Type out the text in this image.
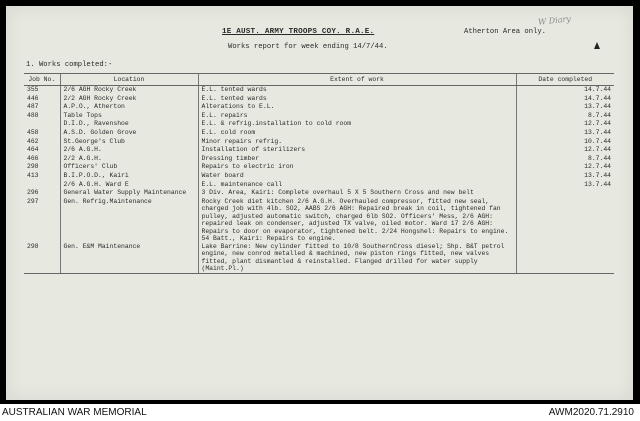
W Diary
1E AUST. ARMY TROOPS COY. R.A.E.	Atherton Area only.
Works report for week ending 14/7/44.
1. Works completed:-
Job No.	Location	Extent of work	Date completed
355	2/6 AGH Rocky Creek	E.L. tented wards	14.7.44
446	2/2 AGH Rocky Creek	E.L. tented wards	14.7.44
487	A.P.O., Atherton	Alterations to E.L.	13.7.44
488	Table Tops	E.L. repairs	8.7.44
	D.I.D., Ravenshoe	E.L. & refrig.installation to cold room	12.7.44
458	A.S.D. Golden Grove	E.L. cold room	13.7.44
462	St.George's Club	Minor repairs refrig.	10.7.44
464	2/6 A.G.H.	Installation of sterilizers	12.7.44
466	2/2 A.G.H.	Dressing timber	8.7.44
298	Officers' Club	Repairs to electric iron	12.7.44
413	B.I.P.O.D., Kairi	Water board	13.7.44
	2/6 A.G.H. Ward E	E.L. maintenance call	13.7.44
296	General Water Supply Maintenance	3 Div. Area, Kairi: Complete overhaul 5 X 5 Southern Cross and new belt	
297	Gen. Refrig.Maintenance	Rocky Creek diet kitchen 2/6 A.G.H. Overhauled compressor, fitted new seal, charged job with 4lb. SO2, AABS 2/6 AGH: Repaired break in coil, tightened fan pulley, adjusted automatic switch, charged 6lb SO2. Officers' Mess, 2/6 AGH: repaired leak on condenser, adjusted TX valve, oiled motor. Ward 17 2/6 AGH: Repairs to door on evaporator, tightened belt. 2/24 Hongshel: Repairs to engine. 54 Batt., Kairi: Repairs to engine.	
298	Gen. E&M Maintenance	Lake Barrine: New cylinder fitted to 10/8 SouthernCross diesel; Shp. B&T petrol engine, new conrod metalled & machined, new piston rings fitted, new valves fitted, plant dismantled & reinstalled. Flanged drilled for water supply (Maint.Pl.)	
AUSTRALIAN WAR MEMORIAL	AWM2020.71.2910
